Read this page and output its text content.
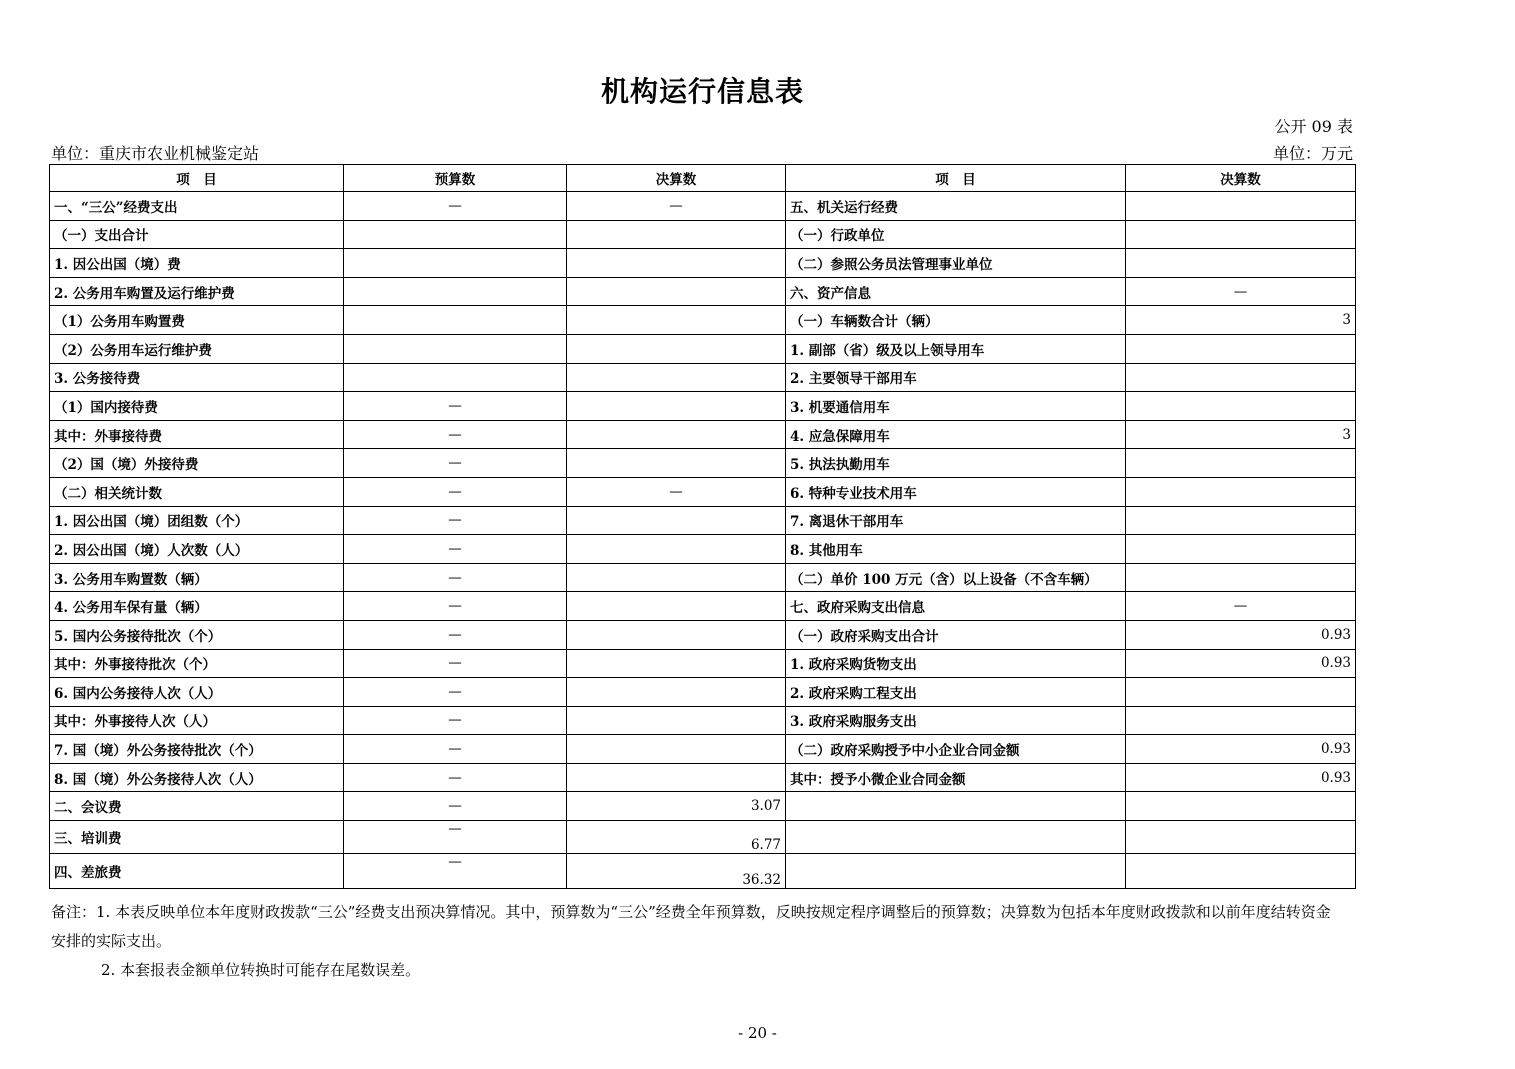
机构运行信息表
公开 09 表
单位：万元
单位：重庆市农业机械鉴定站
项　目	预算数	决算数	项　目	决算数
一、“三公”经费支出	—	—	五、机关运行经费	
（一）支出合计			（一）行政单位	
1. 因公出国（境）费			（二）参照公务员法管理事业单位	
2. 公务用车购置及运行维护费			六、资产信息	—
（1）公务用车购置费			（一）车辆数合计（辆）	3
（2）公务用车运行维护费			1. 副部（省）级及以上领导用车	
3. 公务接待费			2. 主要领导干部用车	
（1）国内接待费	—		3. 机要通信用车	
其中：外事接待费	—		4. 应急保障用车	3
（2）国（境）外接待费	—		5. 执法执勤用车	
（二）相关统计数	—	—	6. 特种专业技术用车	
1. 因公出国（境）团组数（个）	—		7. 离退休干部用车	
2. 因公出国（境）人次数（人）	—		8. 其他用车	
3. 公务用车购置数（辆）	—		（二）单价 100 万元（含）以上设备（不含车辆）	
4. 公务用车保有量（辆）	—		七、政府采购支出信息	—
5. 国内公务接待批次（个）	—		（一）政府采购支出合计	0.93
其中：外事接待批次（个）	—		1. 政府采购货物支出	0.93
6. 国内公务接待人次（人）	—		2. 政府采购工程支出	
其中：外事接待人次（人）	—		3. 政府采购服务支出	
7. 国（境）外公务接待批次（个）	—		（二）政府采购授予中小企业合同金额	0.93
8. 国（境）外公务接待人次（人）	—		其中：授予小微企业合同金额	0.93
二、会议费	—	3.07		
三、培训费	—	6.77		
四、差旅费	—	36.32		
备注：1. 本表反映单位本年度财政拨款“三公”经费支出预决算情况。其中，预算数为“三公”经费全年预算数，反映按规定程序调整后的预算数；决算数为包括本年度财政拨款和以前年度结转资金
安排的实际支出。
2. 本套报表金额单位转换时可能存在尾数误差。
- 20 -
